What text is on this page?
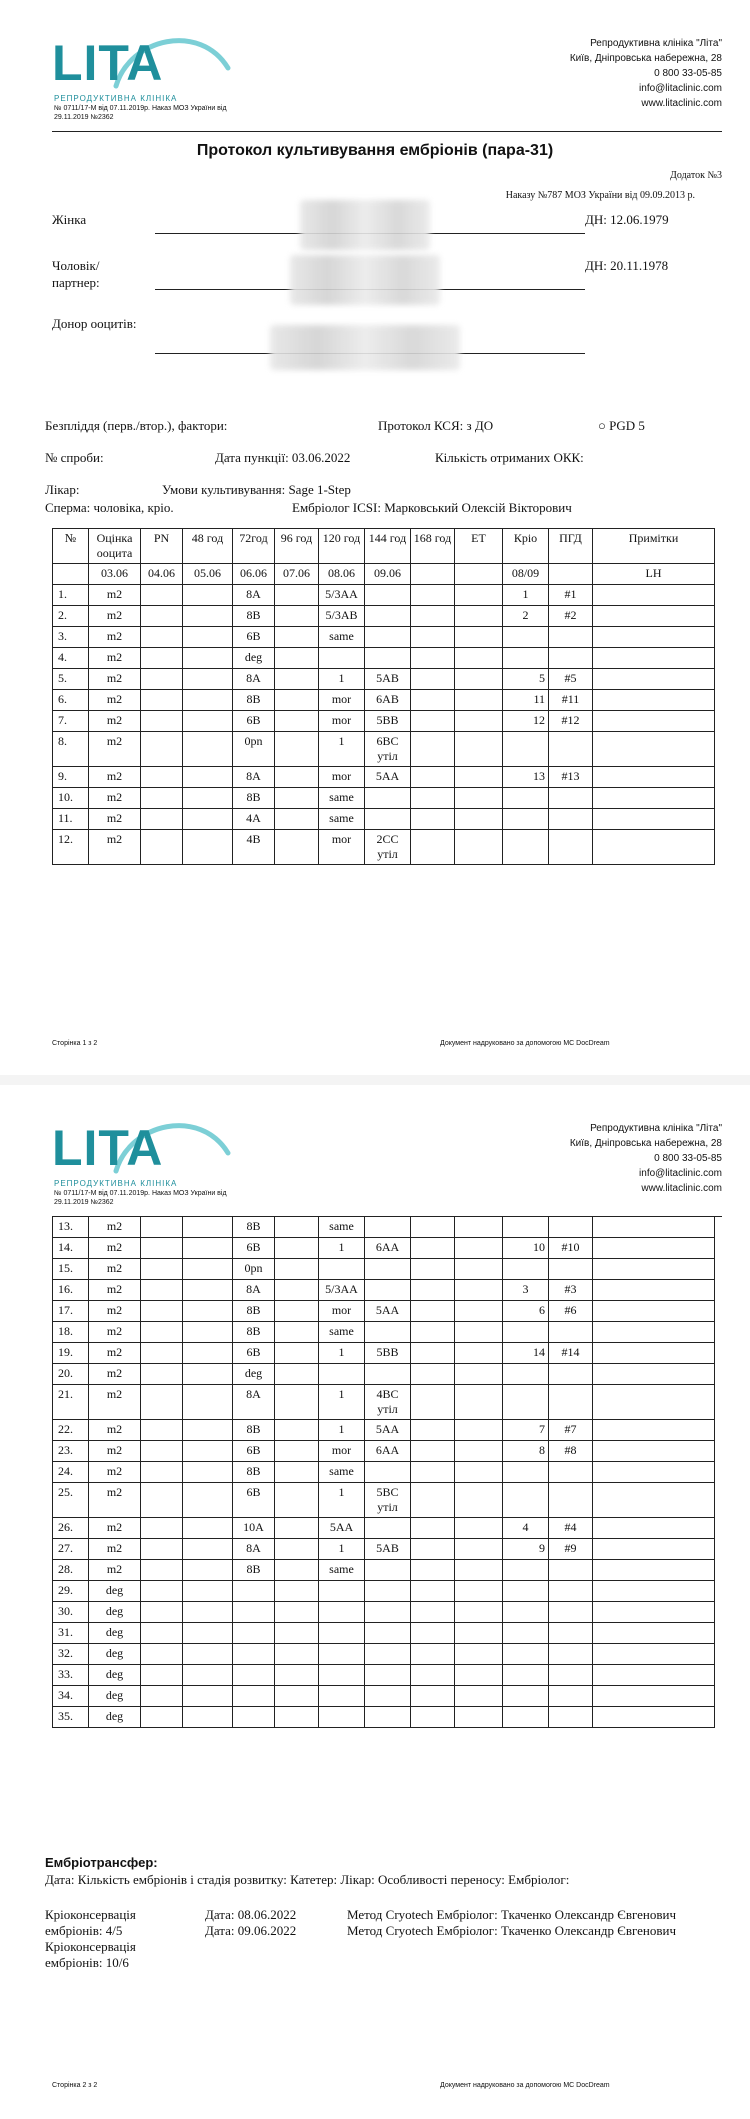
LITA
РЕПРОДУКТИВНА КЛІНІКА
№ 0711/17-М від 07.11.2019р. Наказ МОЗ України від
29.11.2019 №2362
Репродуктивна клініка "Літа"
Київ, Дніпровська набережна, 28
0 800 33-05-85
info@litaclinic.com
www.litaclinic.com
Протокол культивування ембріонів (пара-31)
Додаток №3
Наказу №787 МОЗ України від 09.09.2013 р.
Жінка	ДН: 12.06.1979
Чоловік/
партнер:
ДН: 20.11.1978
Донор ооцитів:
Безпліддя (перв./втор.), фактори:	Протокол КСЯ: з ДО	○ PGD 5
№ спроби:	Дата пункції: 03.06.2022	Кількість отриманих ОКК:
Лікар:	Умови культивування: Sage 1-Step
Сперма: чоловіка, кріо.	Ембріолог ICSI: Марковський Олексій Вікторович
№	Оцінка ооцита	PN	48 год	72год	96 год	120 год	144 год	168 год	ET	Кріо	ПГД	Примітки
	03.06	04.06	05.06	06.06	07.06	08.06	09.06			08/09		LH
1.	m2			8A		5/3AA				1	#1	
2.	m2			8B		5/3AB				2	#2	
3.	m2			6B		same						
4.	m2			deg								
5.	m2			8A		1	5AB			5	#5	
6.	m2			8B		mor	6AB			11	#11	
7.	m2			6B		mor	5BB			12	#12	
8.	m2			0pn		1	6BC утіл					
9.	m2			8A		mor	5AA			13	#13	
10.	m2			8B		same						
11.	m2			4A		same						
12.	m2			4B		mor	2CC утіл					
Сторінка 1 з 2	Документ надруковано за допомогою MC DocDream
LITA
РЕПРОДУКТИВНА КЛІНІКА
№ 0711/17-М від 07.11.2019р. Наказ МОЗ України від
29.11.2019 №2362
Репродуктивна клініка "Літа"
Київ, Дніпровська набережна, 28
0 800 33-05-85
info@litaclinic.com
www.litaclinic.com
13.	m2			8B		same						
14.	m2			6B		1	6AA			10	#10	
15.	m2			0pn								
16.	m2			8A		5/3AA				3	#3	
17.	m2			8B		mor	5AA			6	#6	
18.	m2			8B		same						
19.	m2			6B		1	5BB			14	#14	
20.	m2			deg								
21.	m2			8A		1	4BC утіл					
22.	m2			8B		1	5AA			7	#7	
23.	m2			6B		mor	6AA			8	#8	
24.	m2			8B		same						
25.	m2			6B		1	5BC утіл					
26.	m2			10A		5AA				4	#4	
27.	m2			8A		1	5AB			9	#9	
28.	m2			8B		same						
29.	deg											
30.	deg											
31.	deg											
32.	deg											
33.	deg											
34.	deg											
35.	deg											
Ембріотрансфер:
Дата: Кількість ембріонів і стадія розвитку: Катетер: Лікар: Особливості переносу: Ембріолог:
Кріоконсервація
ембріонів: 4/5
Дата: 08.06.2022	Метод Cryotech Ембріолог: Ткаченко Олександр Євгенович
Дата: 09.06.2022	Метод Cryotech Ембріолог: Ткаченко Олександр Євгенович
Кріоконсервація
ембріонів: 10/6
Сторінка 2 з 2	Документ надруковано за допомогою MC DocDream
